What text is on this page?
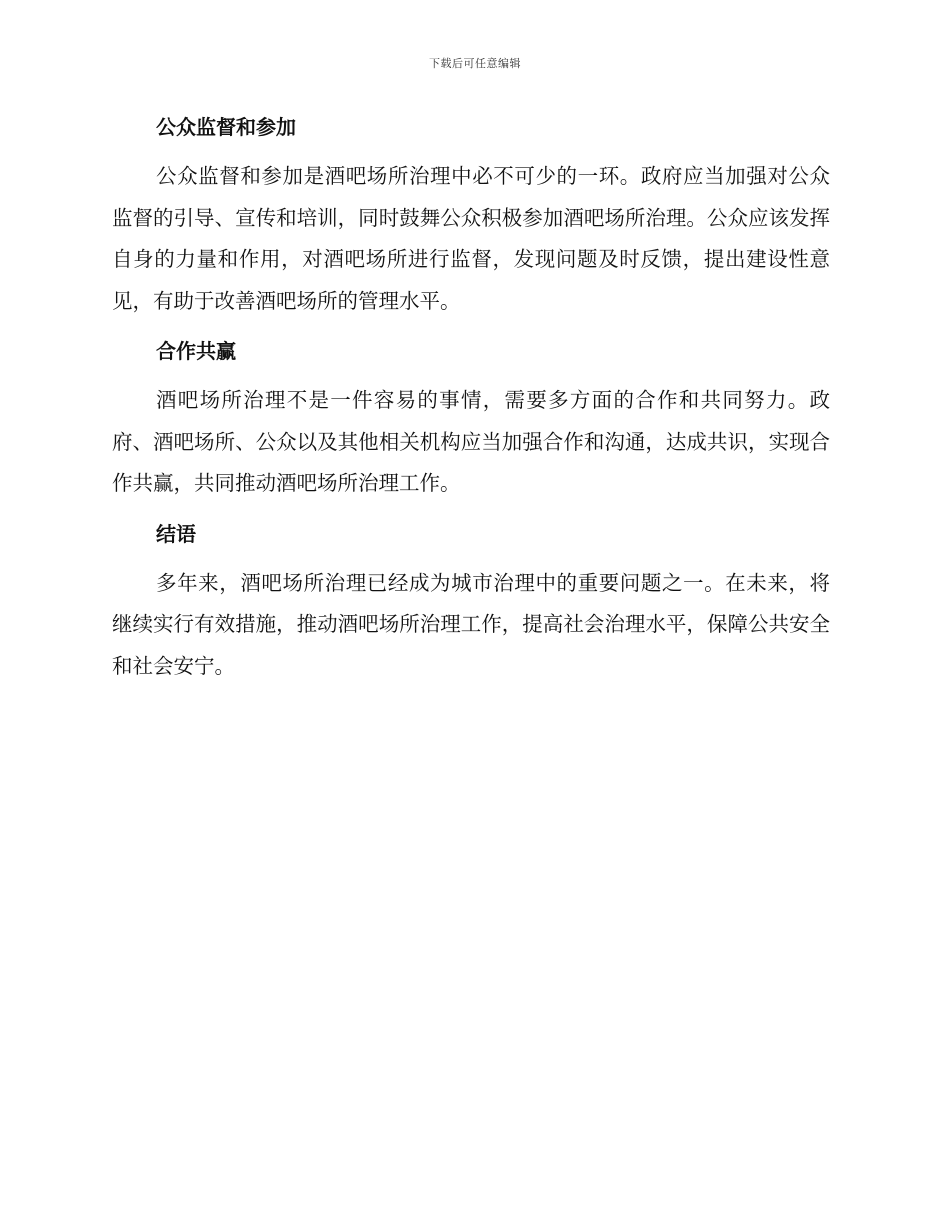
下载后可任意编辑
公众监督和参加

公众监督和参加是酒吧场所治理中必不可少的一环。政府应当加强对公众监督的引导、宣传和培训，同时鼓舞公众积极参加酒吧场所治理。公众应该发挥自身的力量和作用，对酒吧场所进行监督，发现问题及时反馈，提出建设性意见，有助于改善酒吧场所的管理水平。

合作共赢

酒吧场所治理不是一件容易的事情，需要多方面的合作和共同努力。政府、酒吧场所、公众以及其他相关机构应当加强合作和沟通，达成共识，实现合作共赢，共同推动酒吧场所治理工作。

结语

多年来，酒吧场所治理已经成为城市治理中的重要问题之一。在未来，将继续实行有效措施，推动酒吧场所治理工作，提高社会治理水平，保障公共安全和社会安宁。
